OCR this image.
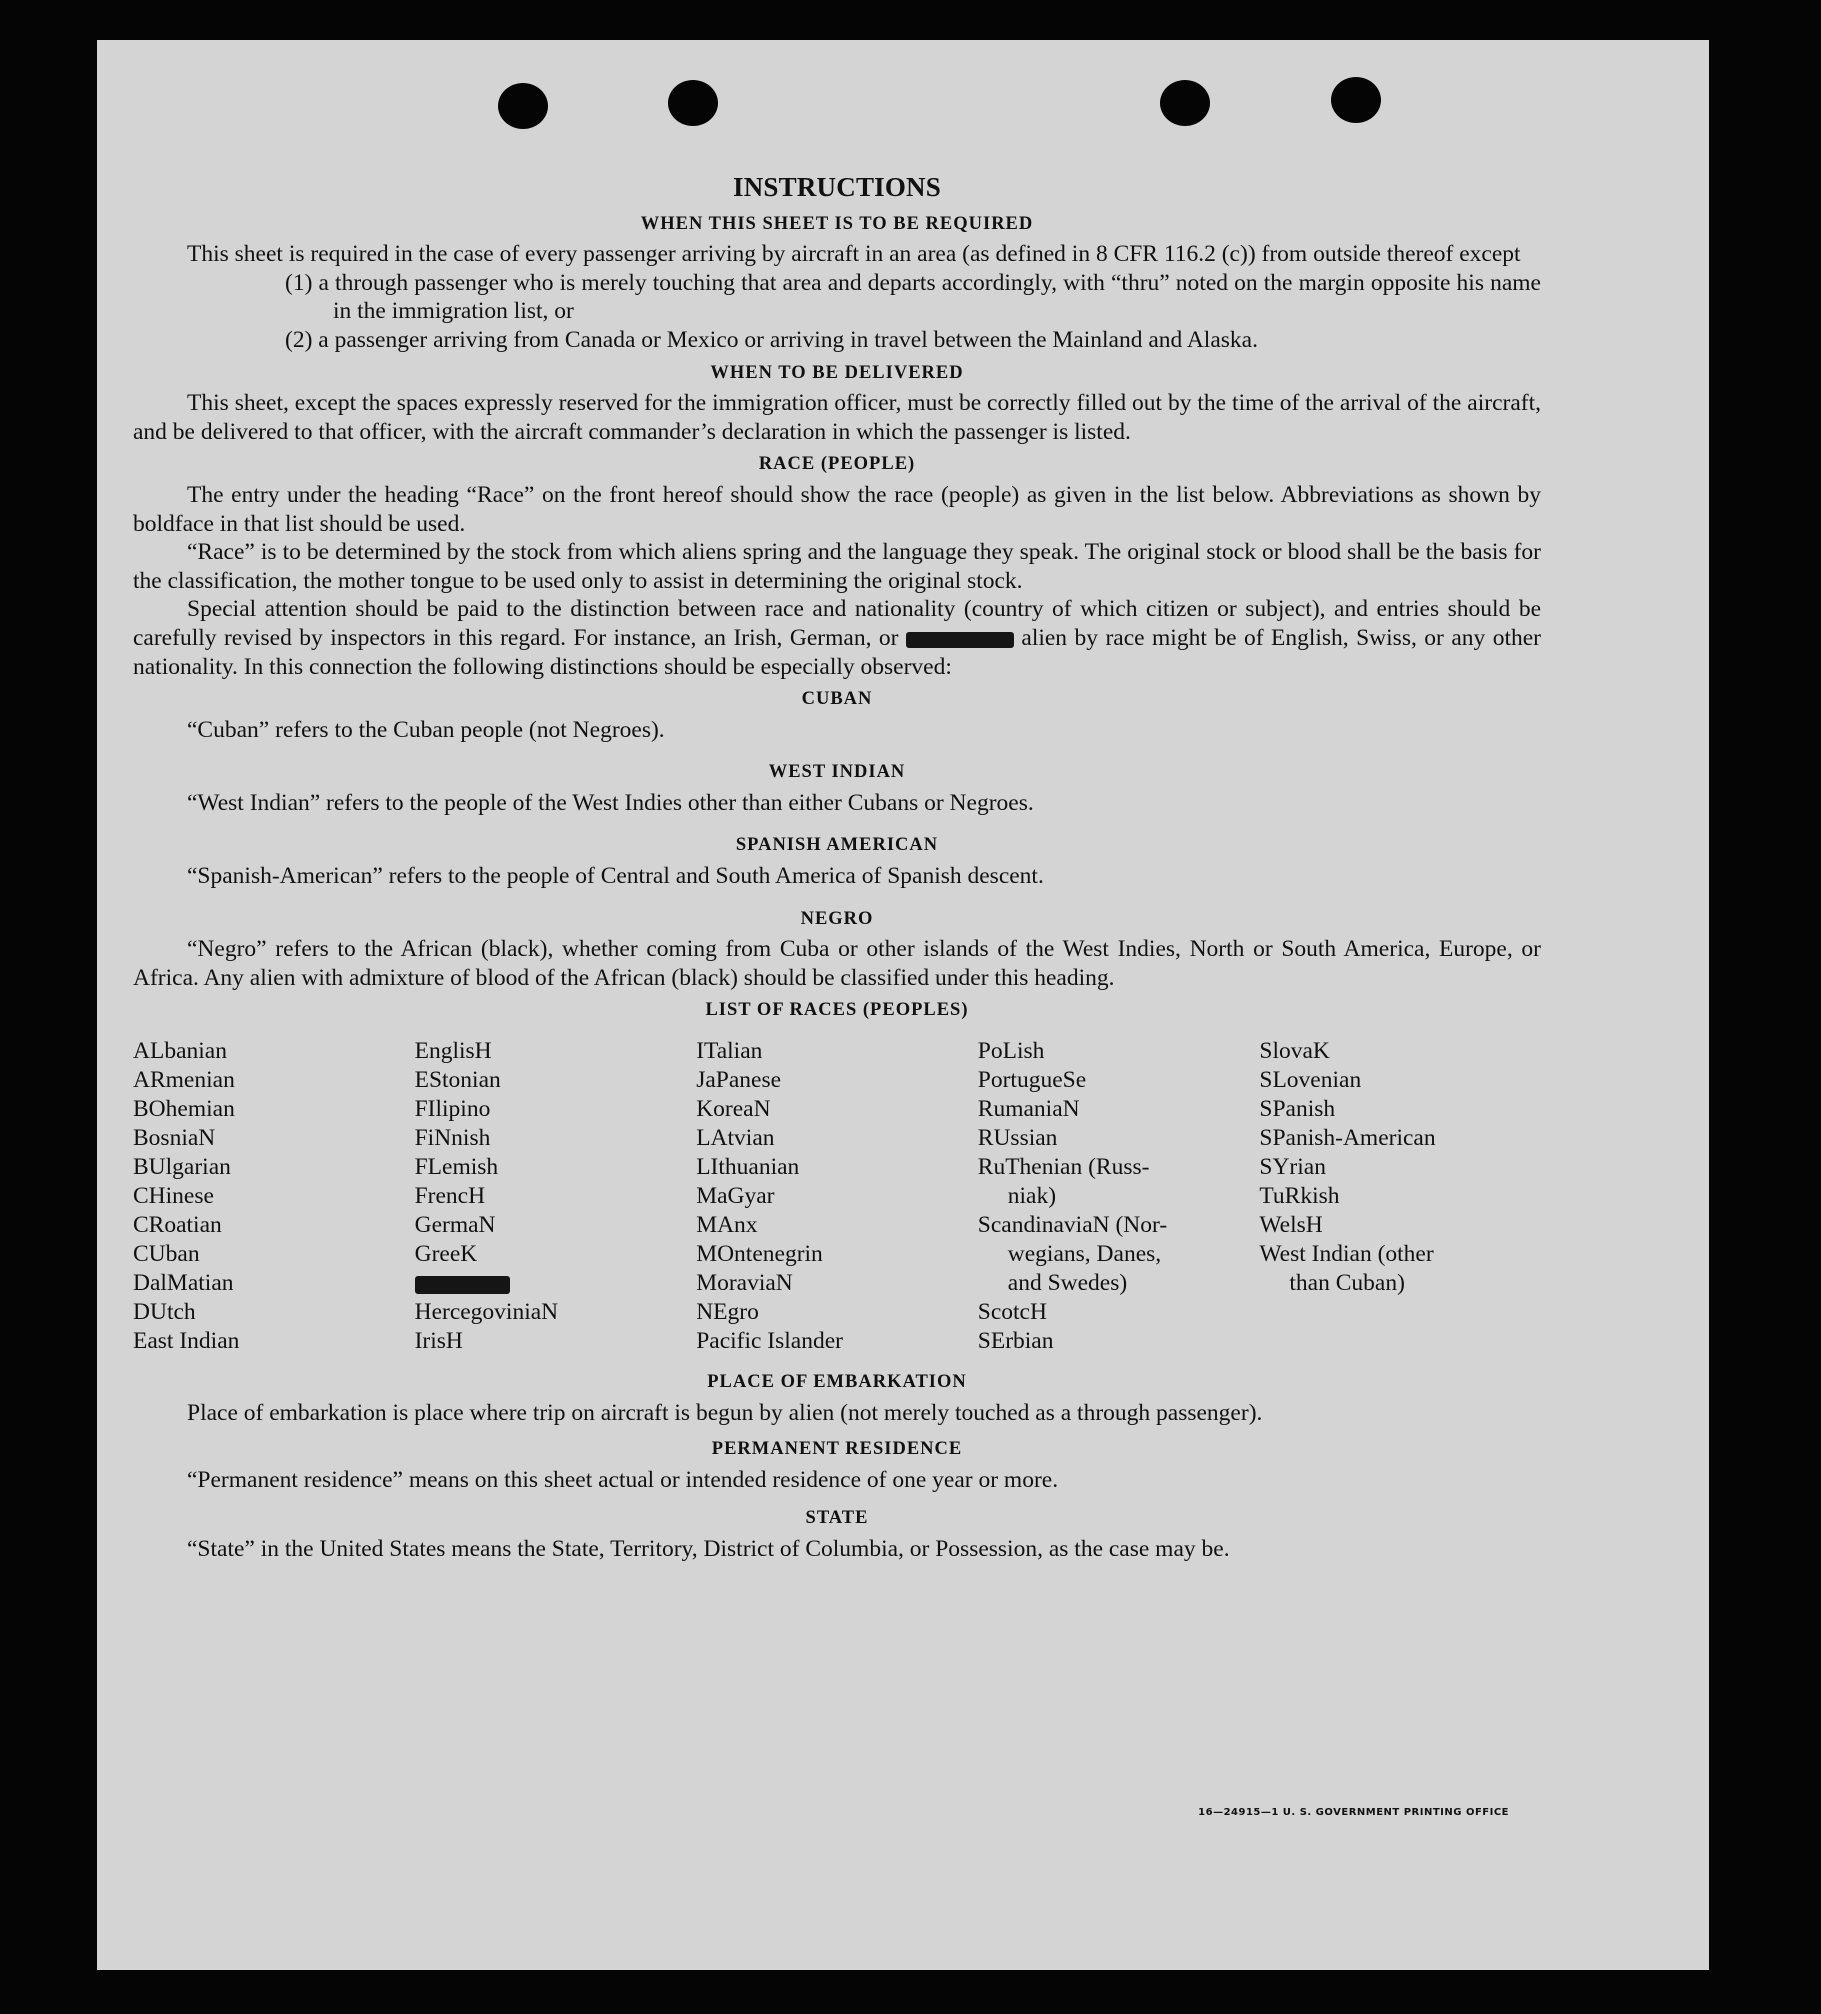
INSTRUCTIONS
WHEN THIS SHEET IS TO BE REQUIRED

This sheet is required in the case of every passenger arriving by aircraft in an area (as defined in 8 CFR 116.2 (c)) from outside thereof except

(1) a through passenger who is merely touching that area and departs accordingly, with “thru” noted on the margin opposite his name in the immigration list, or

(2) a passenger arriving from Canada or Mexico or arriving in travel between the Mainland and Alaska.

WHEN TO BE DELIVERED

This sheet, except the spaces expressly reserved for the immigration officer, must be correctly filled out by the time of the arrival of the aircraft, and be delivered to that officer, with the aircraft commander’s declaration in which the passenger is listed.

RACE (PEOPLE)

The entry under the heading “Race” on the front hereof should show the race (people) as given in the list below. Abbreviations as shown by boldface in that list should be used.

“Race” is to be determined by the stock from which aliens spring and the language they speak. The original stock or blood shall be the basis for the classification, the mother tongue to be used only to assist in determining the original stock.

Special attention should be paid to the distinction between race and nationality (country of which citizen or subject), and entries should be carefully revised by inspectors in this regard. For instance, an Irish, German, or	alien by race might be of English, Swiss, or any other nationality. In this connection the following distinctions should be especially observed:

CUBAN

“Cuban” refers to the Cuban people (not Negroes).

WEST INDIAN

“West Indian” refers to the people of the West Indies other than either Cubans or Negroes.

SPANISH AMERICAN

“Spanish-American” refers to the people of Central and South America of Spanish descent.

NEGRO

“Negro” refers to the African (black), whether coming from Cuba or other islands of the West Indies, North or South America, Europe, or Africa. Any alien with admixture of blood of the African (black) should be classified under this heading.

LIST OF RACES (PEOPLES)
ALbanian
ARmenian
BOhemian
BosniaN
BUlgarian
CHinese
CRoatian
CUban
DalMatian
DUtch
East Indian
EnglisH
EStonian
FIlipino
FiNnish
FLemish
FrencH
GermaN
GreeK
HercegoviniaN
IrisH
ITalian
JaPanese
KoreaN
LAtvian
LIthuanian
MaGyar
MAnx
MOntenegrin
MoraviaN
NEgro
Pacific Islander
PoLish
PortugueSe
RumaniaN
RUssian
RuThenian (Russ-
niak)
ScandinaviaN (Nor-
wegians, Danes,
and Swedes)
ScotcH
SErbian
SlovaK
SLovenian
SPanish
SPanish-American
SYrian
TuRkish
WelsH
West Indian (other
than Cuban)
PLACE OF EMBARKATION

Place of embarkation is place where trip on aircraft is begun by alien (not merely touched as a through passenger).

PERMANENT RESIDENCE

“Permanent residence” means on this sheet actual or intended residence of one year or more.

STATE

“State” in the United States means the State, Territory, District of Columbia, or Possession, as the case may be.

16—24915—1 U. S. GOVERNMENT PRINTING OFFICE
